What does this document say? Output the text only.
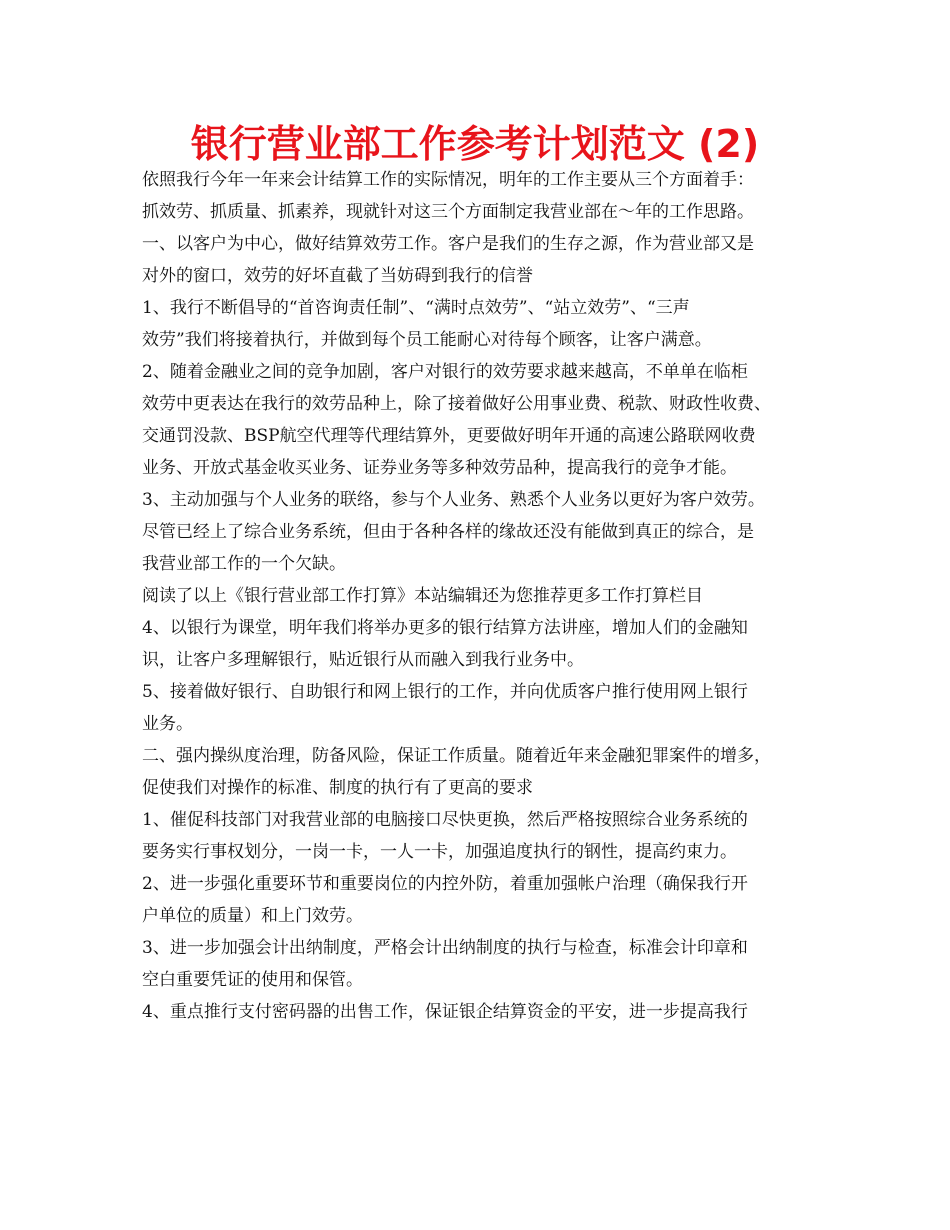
银行营业部工作参考计划范文 (2)
依照我行今年一年来会计结算工作的实际情况，明年的工作主要从三个方面着手：
抓效劳、抓质量、抓素养，现就针对这三个方面制定我营业部在～年的工作思路。
一、以客户为中心，做好结算效劳工作。客户是我们的生存之源，作为营业部又是
对外的窗口，效劳的好坏直截了当妨碍到我行的信誉
1、我行不断倡导的“首咨询责任制”、“满时点效劳”、“站立效劳”、“三声
效劳”我们将接着执行，并做到每个员工能耐心对待每个顾客，让客户满意。
2、随着金融业之间的竞争加剧，客户对银行的效劳要求越来越高，不单单在临柜
效劳中更表达在我行的效劳品种上，除了接着做好公用事业费、税款、财政性收费、
交通罚没款、BSP航空代理等代理结算外，更要做好明年开通的高速公路联网收费
业务、开放式基金收买业务、证券业务等多种效劳品种，提高我行的竞争才能。
3、主动加强与个人业务的联络，参与个人业务、熟悉个人业务以更好为客户效劳。
尽管已经上了综合业务系统，但由于各种各样的缘故还没有能做到真正的综合，是
我营业部工作的一个欠缺。
阅读了以上《银行营业部工作打算》本站编辑还为您推荐更多工作打算栏目
4、以银行为课堂，明年我们将举办更多的银行结算方法讲座，增加人们的金融知
识，让客户多理解银行，贴近银行从而融入到我行业务中。
5、接着做好银行、自助银行和网上银行的工作，并向优质客户推行使用网上银行
业务。
二、强内操纵度治理，防备风险，保证工作质量。随着近年来金融犯罪案件的增多，
促使我们对操作的标准、制度的执行有了更高的要求
1、催促科技部门对我营业部的电脑接口尽快更换，然后严格按照综合业务系统的
要务实行事权划分，一岗一卡，一人一卡，加强追度执行的钢性，提高约束力。
2、进一步强化重要环节和重要岗位的内控外防，着重加强帐户治理（确保我行开
户单位的质量）和上门效劳。
3、进一步加强会计出纳制度，严格会计出纳制度的执行与检查，标准会计印章和
空白重要凭证的使用和保管。
4、重点推行支付密码器的出售工作，保证银企结算资金的平安，进一步提高我行
